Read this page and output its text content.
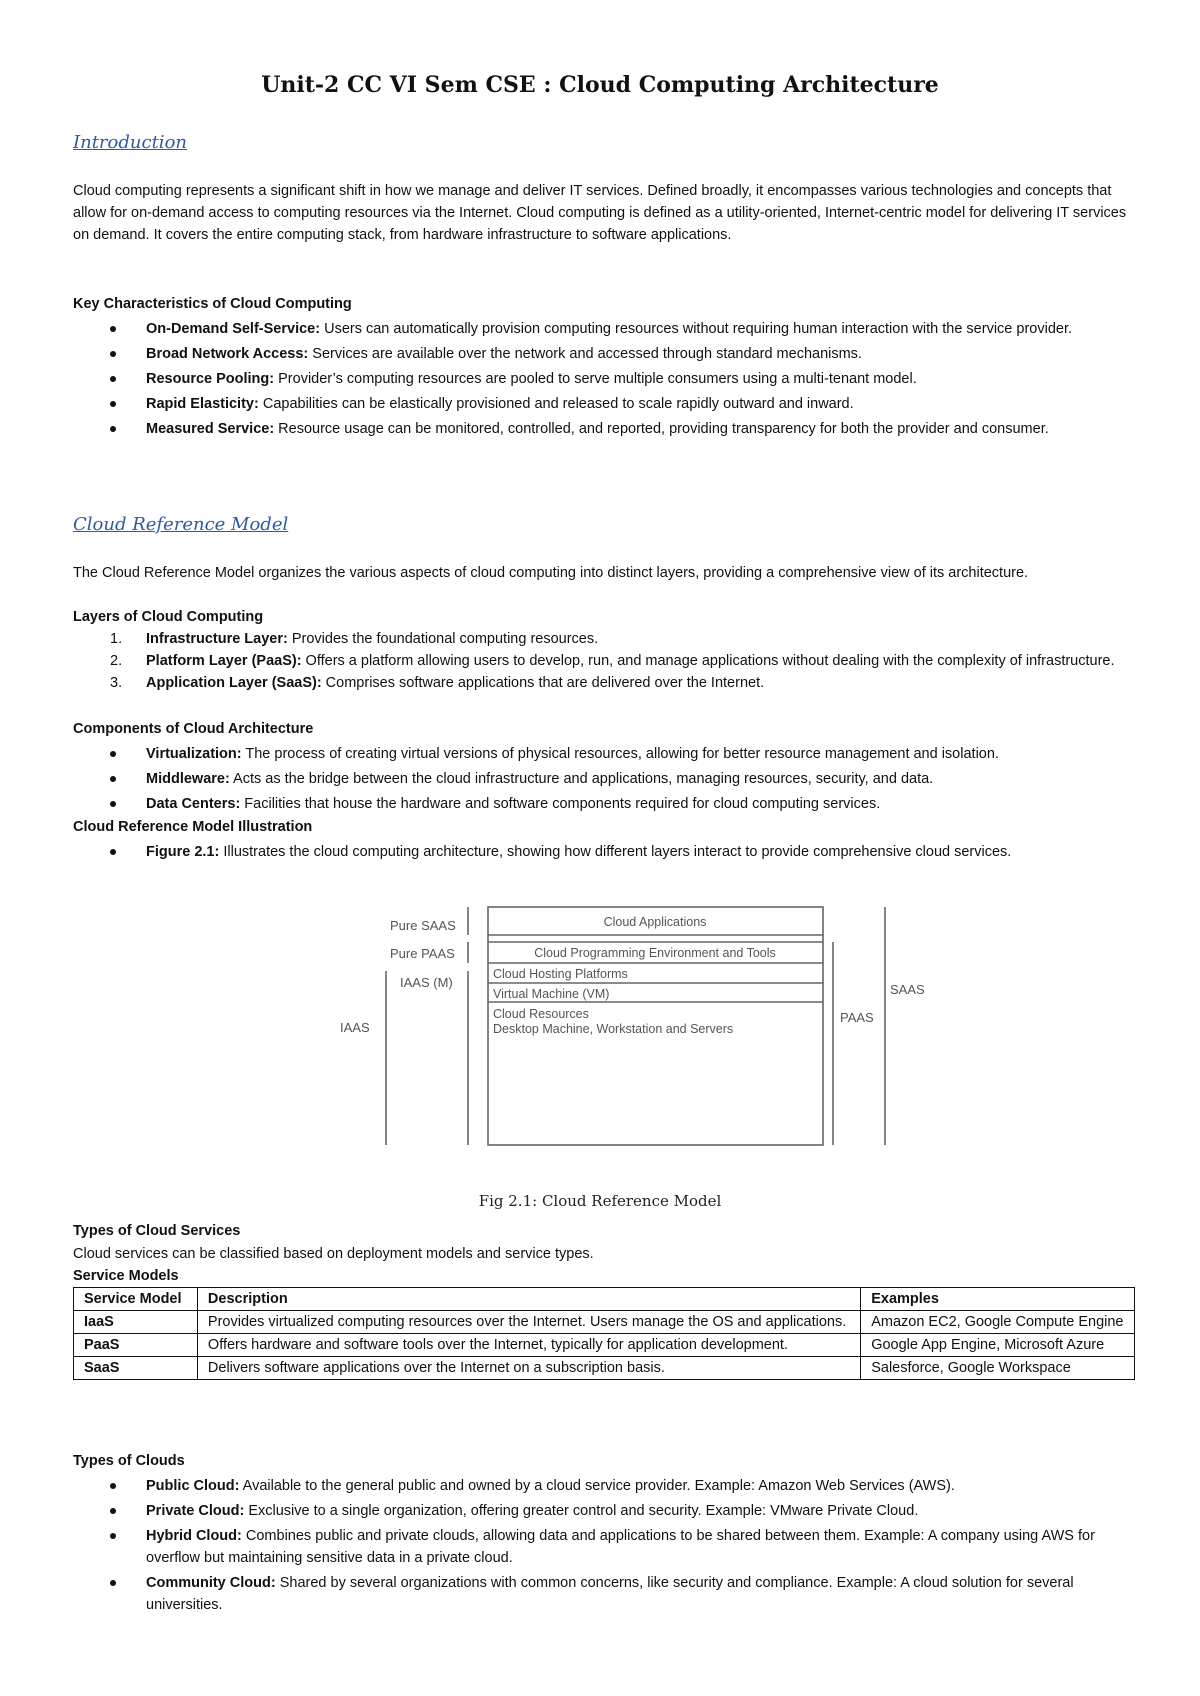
Unit-2 CC VI Sem CSE : Cloud Computing Architecture
Introduction
Cloud computing represents a significant shift in how we manage and deliver IT services. Defined broadly, it encompasses various technologies and concepts that allow for on-demand access to computing resources via the Internet. Cloud computing is defined as a utility-oriented, Internet-centric model for delivering IT services on demand. It covers the entire computing stack, from hardware infrastructure to software applications.
Key Characteristics of Cloud Computing
On-Demand Self-Service: Users can automatically provision computing resources without requiring human interaction with the service provider.
Broad Network Access: Services are available over the network and accessed through standard mechanisms.
Resource Pooling: Provider’s computing resources are pooled to serve multiple consumers using a multi-tenant model.
Rapid Elasticity: Capabilities can be elastically provisioned and released to scale rapidly outward and inward.
Measured Service: Resource usage can be monitored, controlled, and reported, providing transparency for both the provider and consumer.
Cloud Reference Model
The Cloud Reference Model organizes the various aspects of cloud computing into distinct layers, providing a comprehensive view of its architecture.
Layers of Cloud Computing
1. Infrastructure Layer: Provides the foundational computing resources.
2. Platform Layer (PaaS): Offers a platform allowing users to develop, run, and manage applications without dealing with the complexity of infrastructure.
3. Application Layer (SaaS): Comprises software applications that are delivered over the Internet.
Components of Cloud Architecture
Virtualization: The process of creating virtual versions of physical resources, allowing for better resource management and isolation.
Middleware: Acts as the bridge between the cloud infrastructure and applications, managing resources, security, and data.
Data Centers: Facilities that house the hardware and software components required for cloud computing services.
Cloud Reference Model Illustration
Figure 2.1: Illustrates the cloud computing architecture, showing how different layers interact to provide comprehensive cloud services.
Pure SAAS
Pure PAAS
IAAS (M)
IAAS
PAAS
SAAS
Cloud Applications
Cloud Programming Environment and Tools
Cloud Hosting Platforms
Virtual Machine (VM)
Cloud Resources
Desktop Machine, Workstation and Servers
Fig 2.1: Cloud Reference Model
Types of Cloud Services
Cloud services can be classified based on deployment models and service types.
Service Models
Service Model	Description	Examples
IaaS	Provides virtualized computing resources over the Internet. Users manage the OS and applications.	Amazon EC2, Google Compute Engine
PaaS	Offers hardware and software tools over the Internet, typically for application development.	Google App Engine, Microsoft Azure
SaaS	Delivers software applications over the Internet on a subscription basis.	Salesforce, Google Workspace
Types of Clouds
Public Cloud: Available to the general public and owned by a cloud service provider. Example: Amazon Web Services (AWS).
Private Cloud: Exclusive to a single organization, offering greater control and security. Example: VMware Private Cloud.
Hybrid Cloud: Combines public and private clouds, allowing data and applications to be shared between them. Example: A company using AWS for overflow but maintaining sensitive data in a private cloud.
Community Cloud: Shared by several organizations with common concerns, like security and compliance. Example: A cloud solution for several universities.
